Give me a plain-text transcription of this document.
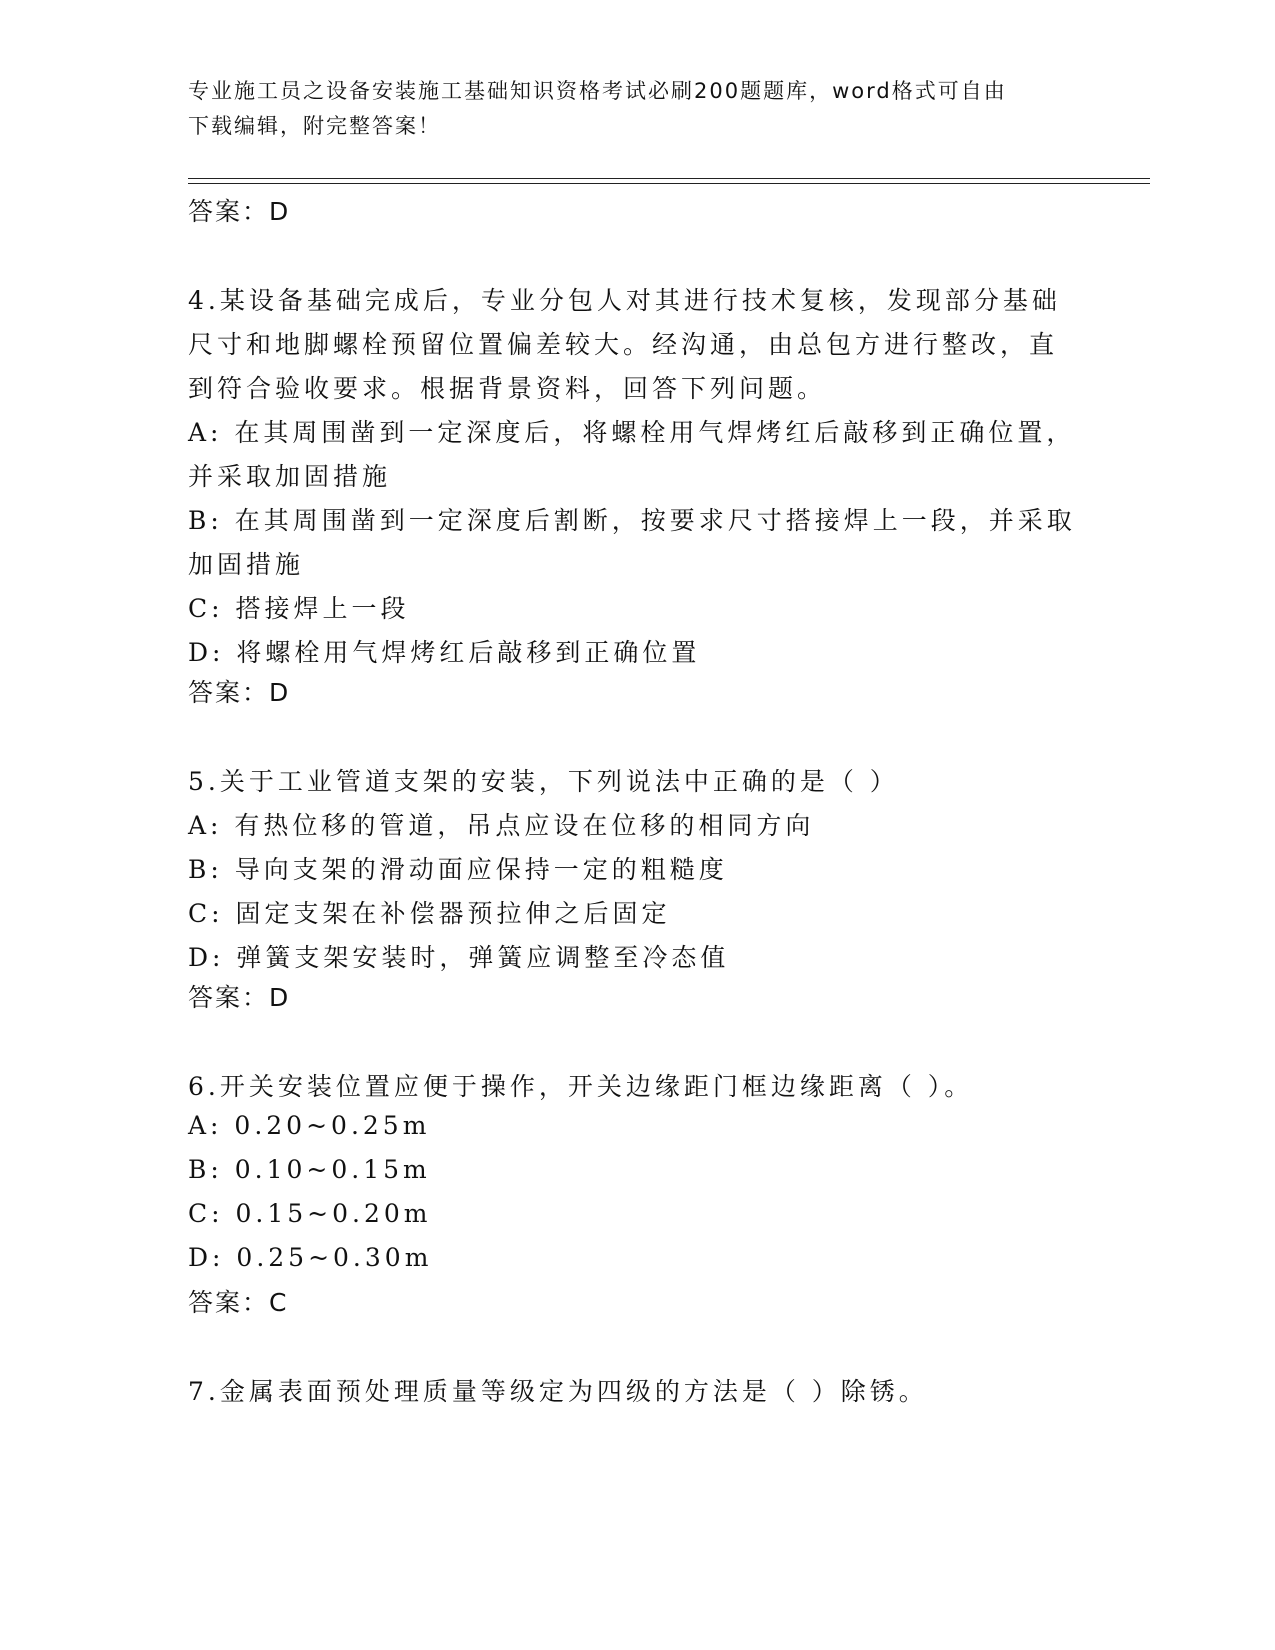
专业施工员之设备安装施工基础知识资格考试必刷200题题库，word格式可自由
下载编辑，附完整答案！
答案：D
4.某设备基础完成后，专业分包人对其进行技术复核，发现部分基础
尺寸和地脚螺栓预留位置偏差较大。经沟通，由总包方进行整改，直
到符合验收要求。根据背景资料，回答下列问题。
A: 在其周围凿到一定深度后，将螺栓用气焊烤红后敲移到正确位置，
并采取加固措施
B: 在其周围凿到一定深度后割断，按要求尺寸搭接焊上一段，并采取
加固措施
C: 搭接焊上一段
D: 将螺栓用气焊烤红后敲移到正确位置
答案：D
5.关于工业管道支架的安装，下列说法中正确的是（ ）
A: 有热位移的管道，吊点应设在位移的相同方向
B: 导向支架的滑动面应保持一定的粗糙度
C: 固定支架在补偿器预拉伸之后固定
D: 弹簧支架安装时，弹簧应调整至冷态值
答案：D
6.开关安装位置应便于操作，开关边缘距门框边缘距离（ ）。
A: 0.20~0.25m
B: 0.10~0.15m
C: 0.15~0.20m
D: 0.25~0.30m
答案：C
7.金属表面预处理质量等级定为四级的方法是（ ）除锈。
